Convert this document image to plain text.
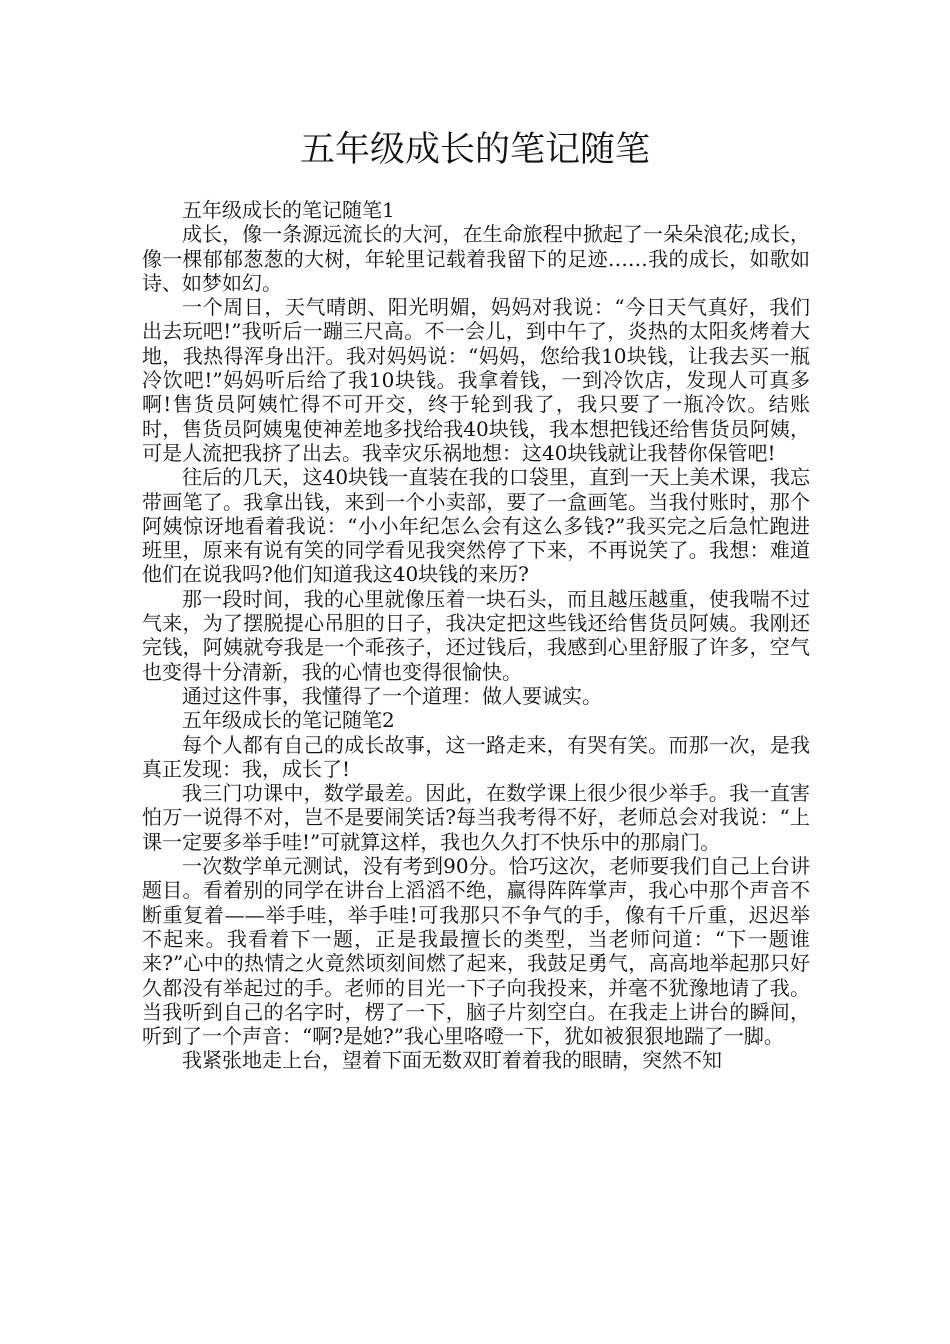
五年级成长的笔记随笔

五年级成长的笔记随笔1

成长，像一条源远流长的大河，在生命旅程中掀起了一朵朵浪花;成长，像一棵郁郁葱葱的大树，年轮里记载着我留下的足迹……我的成长，如歌如诗、如梦如幻。

一个周日，天气晴朗、阳光明媚，妈妈对我说：“今日天气真好，我们出去玩吧!”我听后一蹦三尺高。不一会儿，到中午了，炎热的太阳炙烤着大地，我热得浑身出汗。我对妈妈说：“妈妈，您给我10块钱，让我去买一瓶冷饮吧!”妈妈听后给了我10块钱。我拿着钱，一到冷饮店，发现人可真多啊!售货员阿姨忙得不可开交，终于轮到我了，我只要了一瓶冷饮。结账时，售货员阿姨鬼使神差地多找给我40块钱，我本想把钱还给售货员阿姨，可是人流把我挤了出去。我幸灾乐祸地想：这40块钱就让我替你保管吧!

往后的几天，这40块钱一直装在我的口袋里，直到一天上美术课，我忘带画笔了。我拿出钱，来到一个小卖部，要了一盒画笔。当我付账时，那个阿姨惊讶地看着我说：“小小年纪怎么会有这么多钱?”我买完之后急忙跑进班里，原来有说有笑的同学看见我突然停了下来，不再说笑了。我想：难道他们在说我吗?他们知道我这40块钱的来历?

那一段时间，我的心里就像压着一块石头，而且越压越重，使我喘不过气来，为了摆脱提心吊胆的日子，我决定把这些钱还给售货员阿姨。我刚还完钱，阿姨就夸我是一个乖孩子，还过钱后，我感到心里舒服了许多，空气也变得十分清新，我的心情也变得很愉快。

通过这件事，我懂得了一个道理：做人要诚实。

五年级成长的笔记随笔2

每个人都有自己的成长故事，这一路走来，有哭有笑。而那一次，是我真正发现：我，成长了!

我三门功课中，数学最差。因此，在数学课上很少很少举手。我一直害怕万一说得不对，岂不是要闹笑话?每当我考得不好，老师总会对我说：“上课一定要多举手哇!”可就算这样，我也久久打不快乐中的那扇门。

一次数学单元测试，没有考到90分。恰巧这次，老师要我们自己上台讲题目。看着别的同学在讲台上滔滔不绝，赢得阵阵掌声，我心中那个声音不断重复着——举手哇，举手哇!可我那只不争气的手，像有千斤重，迟迟举不起来。我看着下一题，正是我最擅长的类型，当老师问道：“下一题谁来?”心中的热情之火竟然顷刻间燃了起来，我鼓足勇气，高高地举起那只好久都没有举起过的手。老师的目光一下子向我投来，并毫不犹豫地请了我。当我听到自己的名字时，楞了一下，脑子片刻空白。在我走上讲台的瞬间，听到了一个声音：“啊?是她?”我心里咯噔一下，犹如被狠狠地踹了一脚。

我紧张地走上台，望着下面无数双盯着着我的眼睛，突然不知
